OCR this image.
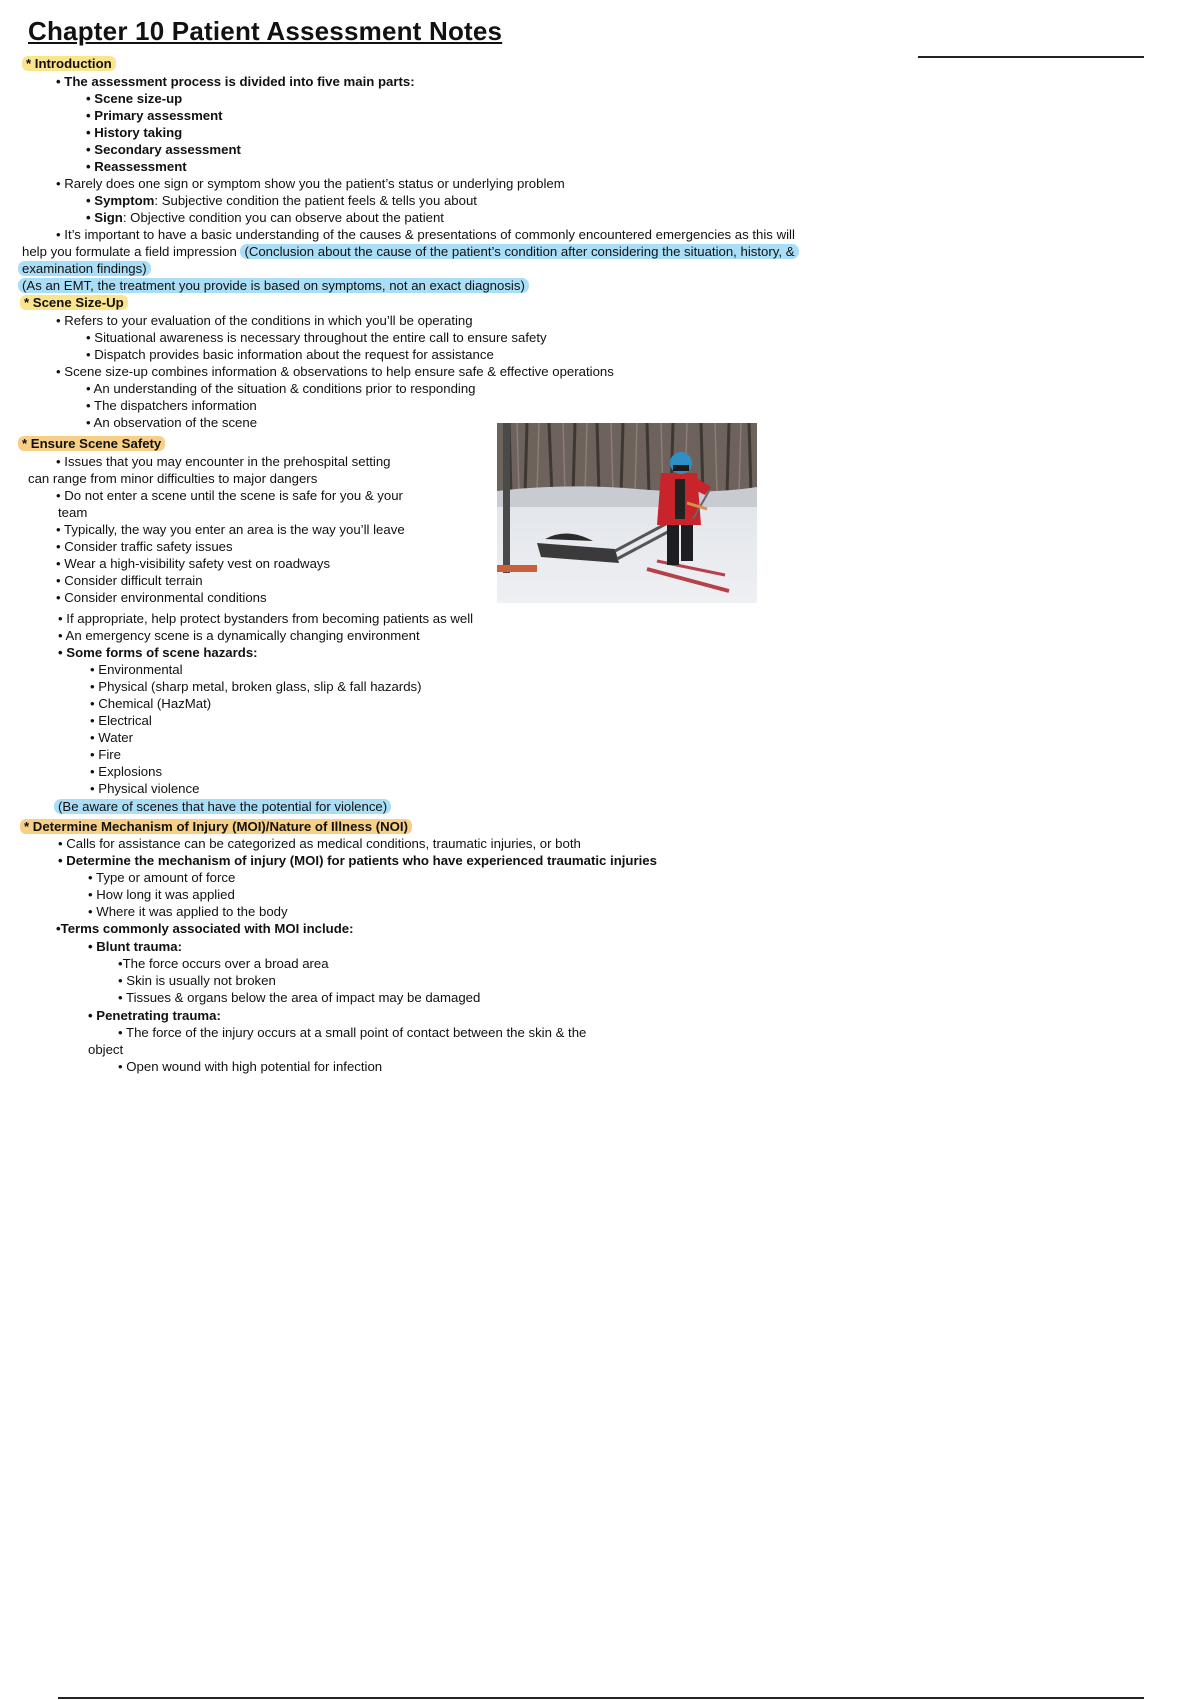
Chapter 10 Patient Assessment Notes
* Introduction
• The assessment process is divided into five main parts:
• Scene size-up
• Primary assessment
• History taking
• Secondary assessment
• Reassessment
• Rarely does one sign or symptom show you the patient’s status or underlying problem
• Symptom: Subjective condition the patient feels & tells you about
• Sign: Objective condition you can observe about the patient
• It’s important to have a basic understanding of the causes & presentations of commonly encountered emergencies as this will
help you formulate a field impression (Conclusion about the cause of the patient’s condition after considering the situation, history, &
examination findings)
(As an EMT, the treatment you provide is based on symptoms, not an exact diagnosis)
* Scene Size-Up
• Refers to your evaluation of the conditions in which you’ll be operating
• Situational awareness is necessary throughout the entire call to ensure safety
• Dispatch provides basic information about the request for assistance
• Scene size-up combines information & observations to help ensure safe & effective operations
• An understanding of the situation & conditions prior to responding
• The dispatchers information
• An observation of the scene
* Ensure Scene Safety
• Issues that you may encounter in the prehospital setting
can range from minor difficulties to major dangers
• Do not enter a scene until the scene is safe for you & your
team
• Typically, the way you enter an area is the way you’ll leave
• Consider traffic safety issues
• Wear a high-visibility safety vest on roadways
• Consider difficult terrain
• Consider environmental conditions
• If appropriate, help protect bystanders from becoming patients as well
• An emergency scene is a dynamically changing environment
• Some forms of scene hazards:
• Environmental
• Physical (sharp metal, broken glass, slip & fall hazards)
• Chemical (HazMat)
• Electrical
• Water
• Fire
• Explosions
• Physical violence
(Be aware of scenes that have the potential for violence)
* Determine Mechanism of Injury (MOI)/Nature of Illness (NOI)
• Calls for assistance can be categorized as medical conditions, traumatic injuries, or both
• Determine the mechanism of injury (MOI) for patients who have experienced traumatic injuries
• Type or amount of force
• How long it was applied
• Where it was applied to the body
•Terms commonly associated with MOI include:
• Blunt trauma:
•The force occurs over a broad area
• Skin is usually not broken
• Tissues & organs below the area of impact may be damaged
• Penetrating trauma:
• The force of the injury occurs at a small point of contact between the skin & the
object
• Open wound with high potential for infection
